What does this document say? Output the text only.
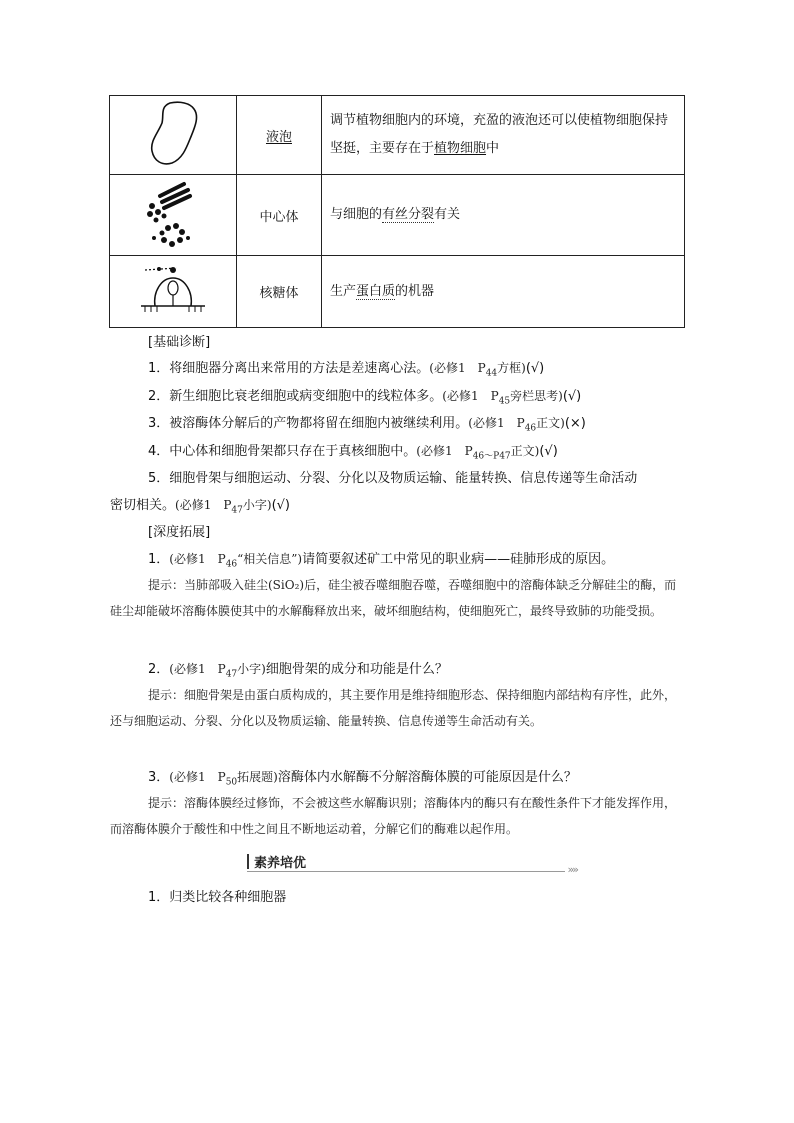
	液泡	调节植物细胞内的环境，充盈的液泡还可以使植物细胞保持坚挺，主要存在于植物细胞中
	中心体	与细胞的有丝分裂有关
	核糖体	生产蛋白质的机器
[基础诊断]
1．将细胞器分离出来常用的方法是差速离心法。(必修1　$P_{44}$方框)(√)
2．新生细胞比衰老细胞或病变细胞中的线粒体多。(必修1　$P_{45}$旁栏思考)(√)
3．被溶酶体分解后的产物都将留在细胞内被继续利用。(必修1　$P_{46}$正文)(×)
4．中心体和细胞骨架都只存在于真核细胞中。(必修1　$P_{46\sim P47}$正文)(√)
5．细胞骨架与细胞运动、分裂、分化以及物质运输、能量转换、信息传递等生命活动
密切相关。(必修1　$P_{47}$小字)(√)
[深度拓展]
1．(必修1　$P_{46}“$相关信息”)请简要叙述矿工中常见的职业病——硅肺形成的原因。
提示：当肺部吸入硅尘(SiO₂)后，硅尘被吞噬细胞吞噬，吞噬细胞中的溶酶体缺乏分解硅尘的酶，而硅尘却能破坏溶酶体膜使其中的水解酶释放出来，破坏细胞结构，使细胞死亡，最终导致肺的功能受损。
2．(必修1　$P_{47}$小字)细胞骨架的成分和功能是什么？
提示：细胞骨架是由蛋白质构成的，其主要作用是维持细胞形态、保持细胞内部结构有序性，此外，还与细胞运动、分裂、分化以及物质运输、能量转换、信息传递等生命活动有关。
3．(必修1　$P_{50}$拓展题)溶酶体内水解酶不分解溶酶体膜的可能原因是什么？
提示：溶酶体膜经过修饰，不会被这些水解酶识别；溶酶体内的酶只有在酸性条件下才能发挥作用，而溶酶体膜介于酸性和中性之间且不断地运动着，分解它们的酶难以起作用。
素养培优	»»
1．归类比较各种细胞器
